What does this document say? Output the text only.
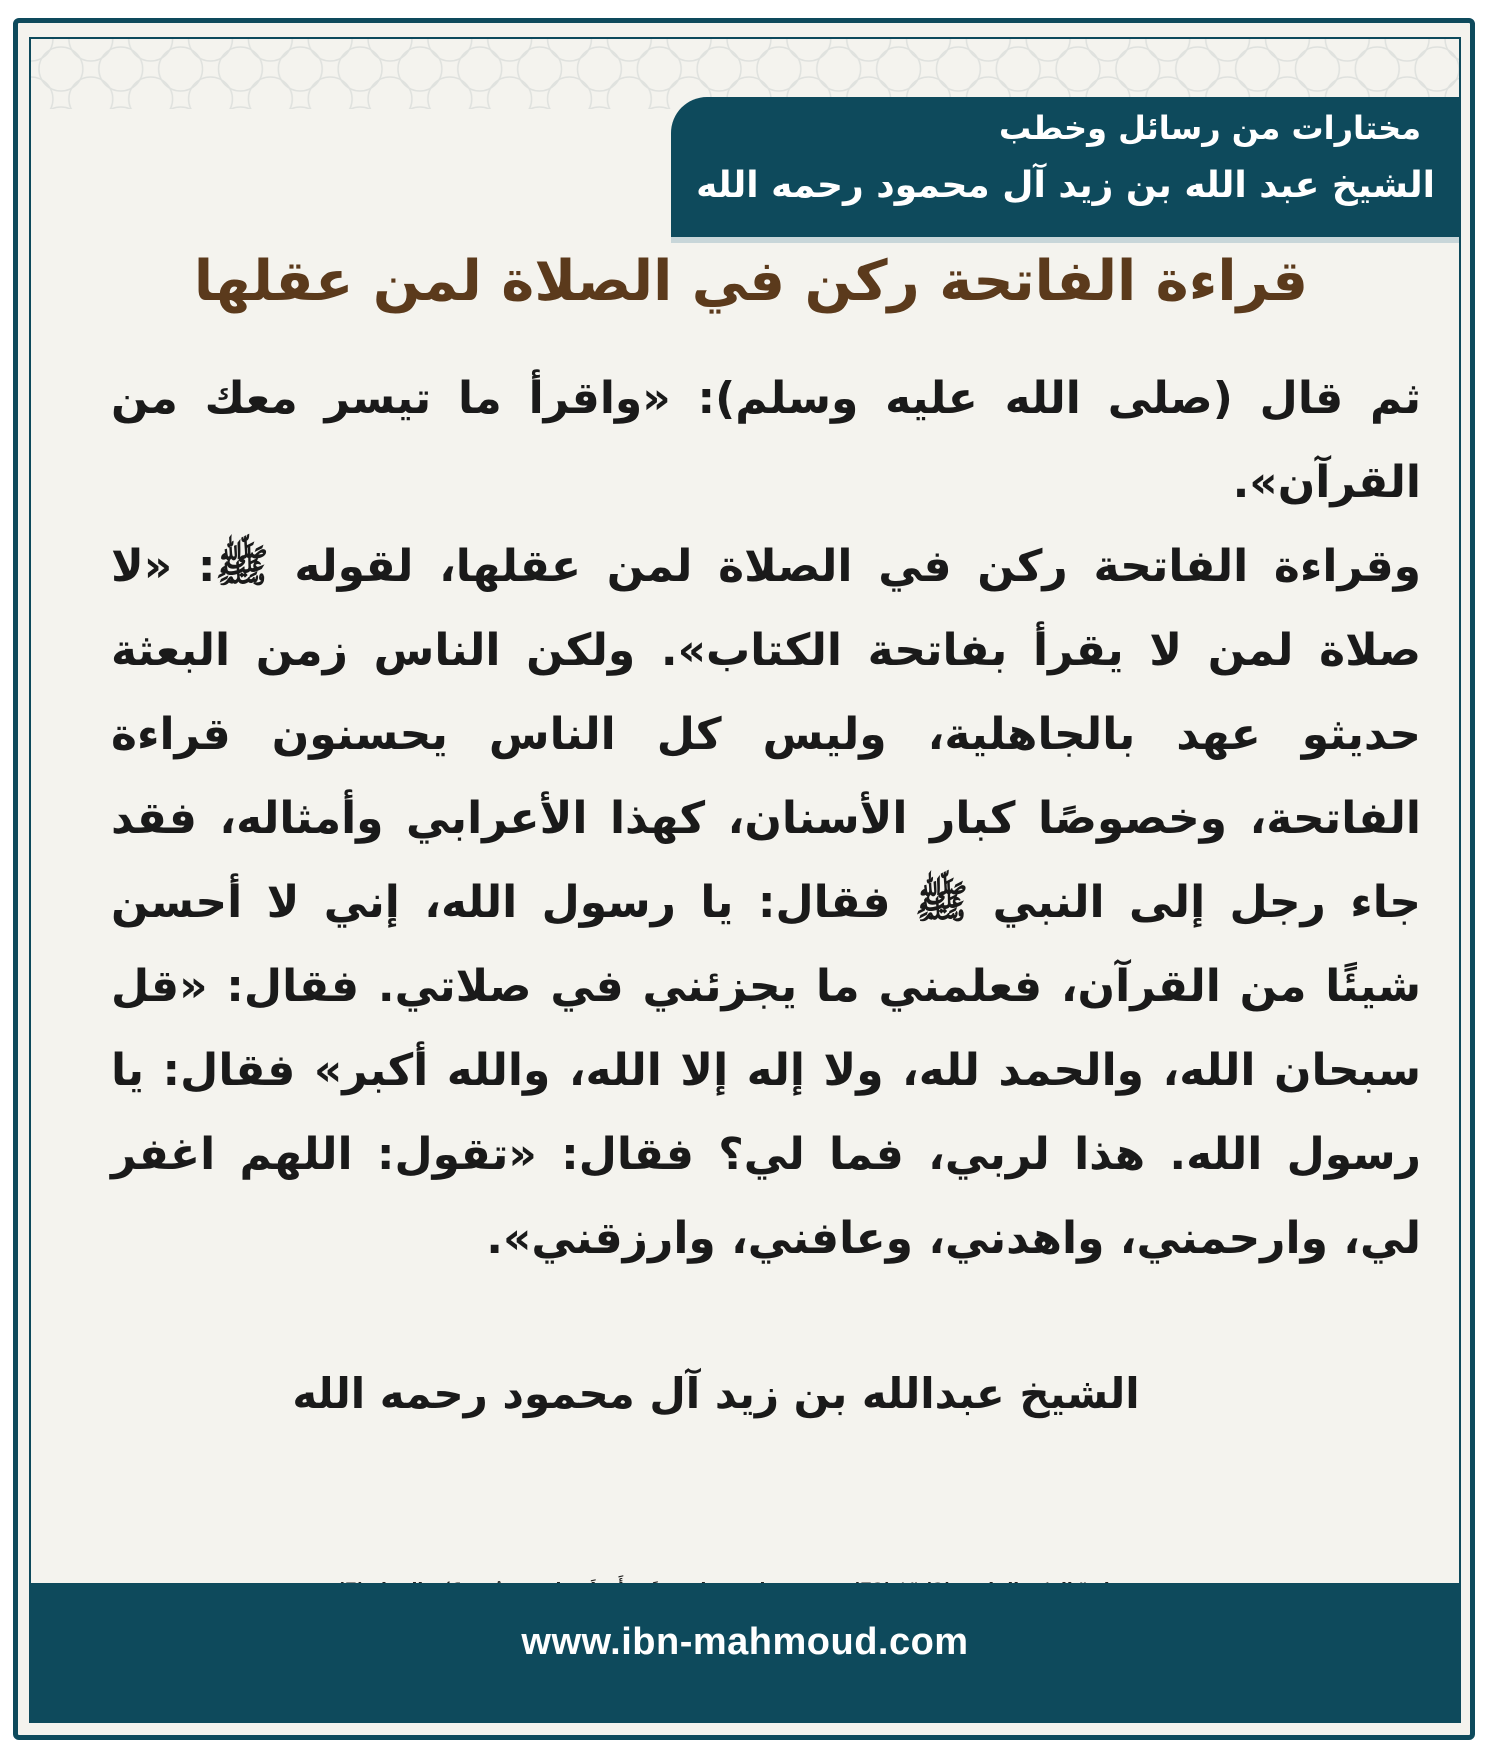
مختارات من رسائل وخطب
الشيخ عبد الله بن زيد آل محمود رحمه الله
قراءة الفاتحة ركن في الصلاة لمن عقلها

ثم قال (صلى الله عليه وسلم): «واقرأ ما تيسر معك من القرآن».

وقراءة الفاتحة ركن في الصلاة لمن عقلها، لقوله ﷺ: «لا صلاة لمن لا يقرأ بفاتحة الكتاب». ولكن الناس زمن البعثة حديثو عهد بالجاهلية، وليس كل الناس يحسنون قراءة الفاتحة، وخصوصًا كبار الأسنان، كهذا الأعرابي وأمثاله، فقد جاء رجل إلى النبي ﷺ فقال: يا رسول الله، إني لا أحسن شيئًا من القرآن، فعلمني ما يجزئني في صلاتي. فقال: «قل سبحان الله، والحمد لله، ولا إله إلا الله، والله أكبر» فقال: يا رسول الله. هذا لربي، فما لي؟ فقال: «تقول: اللهم اغفر لي، وارحمني، واهدني، وعافني، وارزقني».

الشيخ عبدالله بن زيد آل محمود رحمه الله
www.ibn-mahmoud.com
